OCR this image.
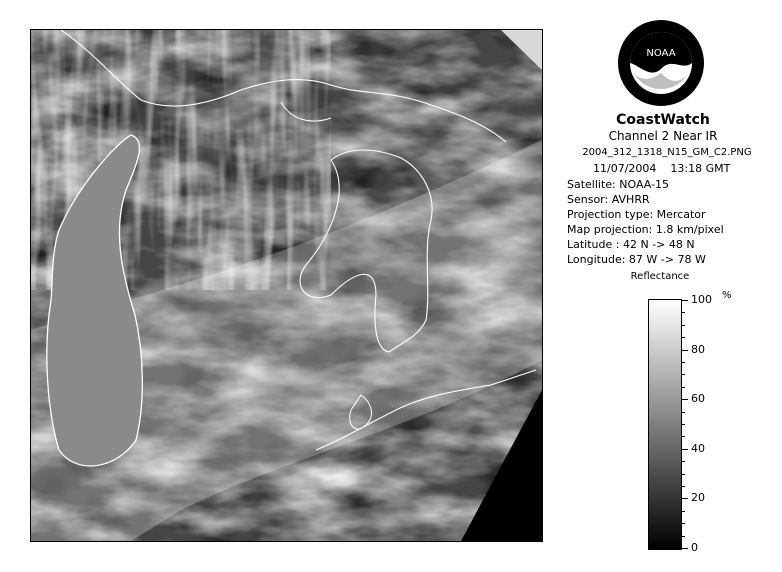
NOAA
CoastWatch
Channel 2 Near IR
2004_312_1318_N15_GM_C2.PNG
11/07/2004 13:18 GMT
Satellite: NOAA-15
Sensor: AVHRR
Projection type: Mercator
Map projection: 1.8 km/pixel
Latitude : 42 N -> 48 N
Longitude: 87 W -> 78 W
Reflectance
%
100
80
60
40
20
0
